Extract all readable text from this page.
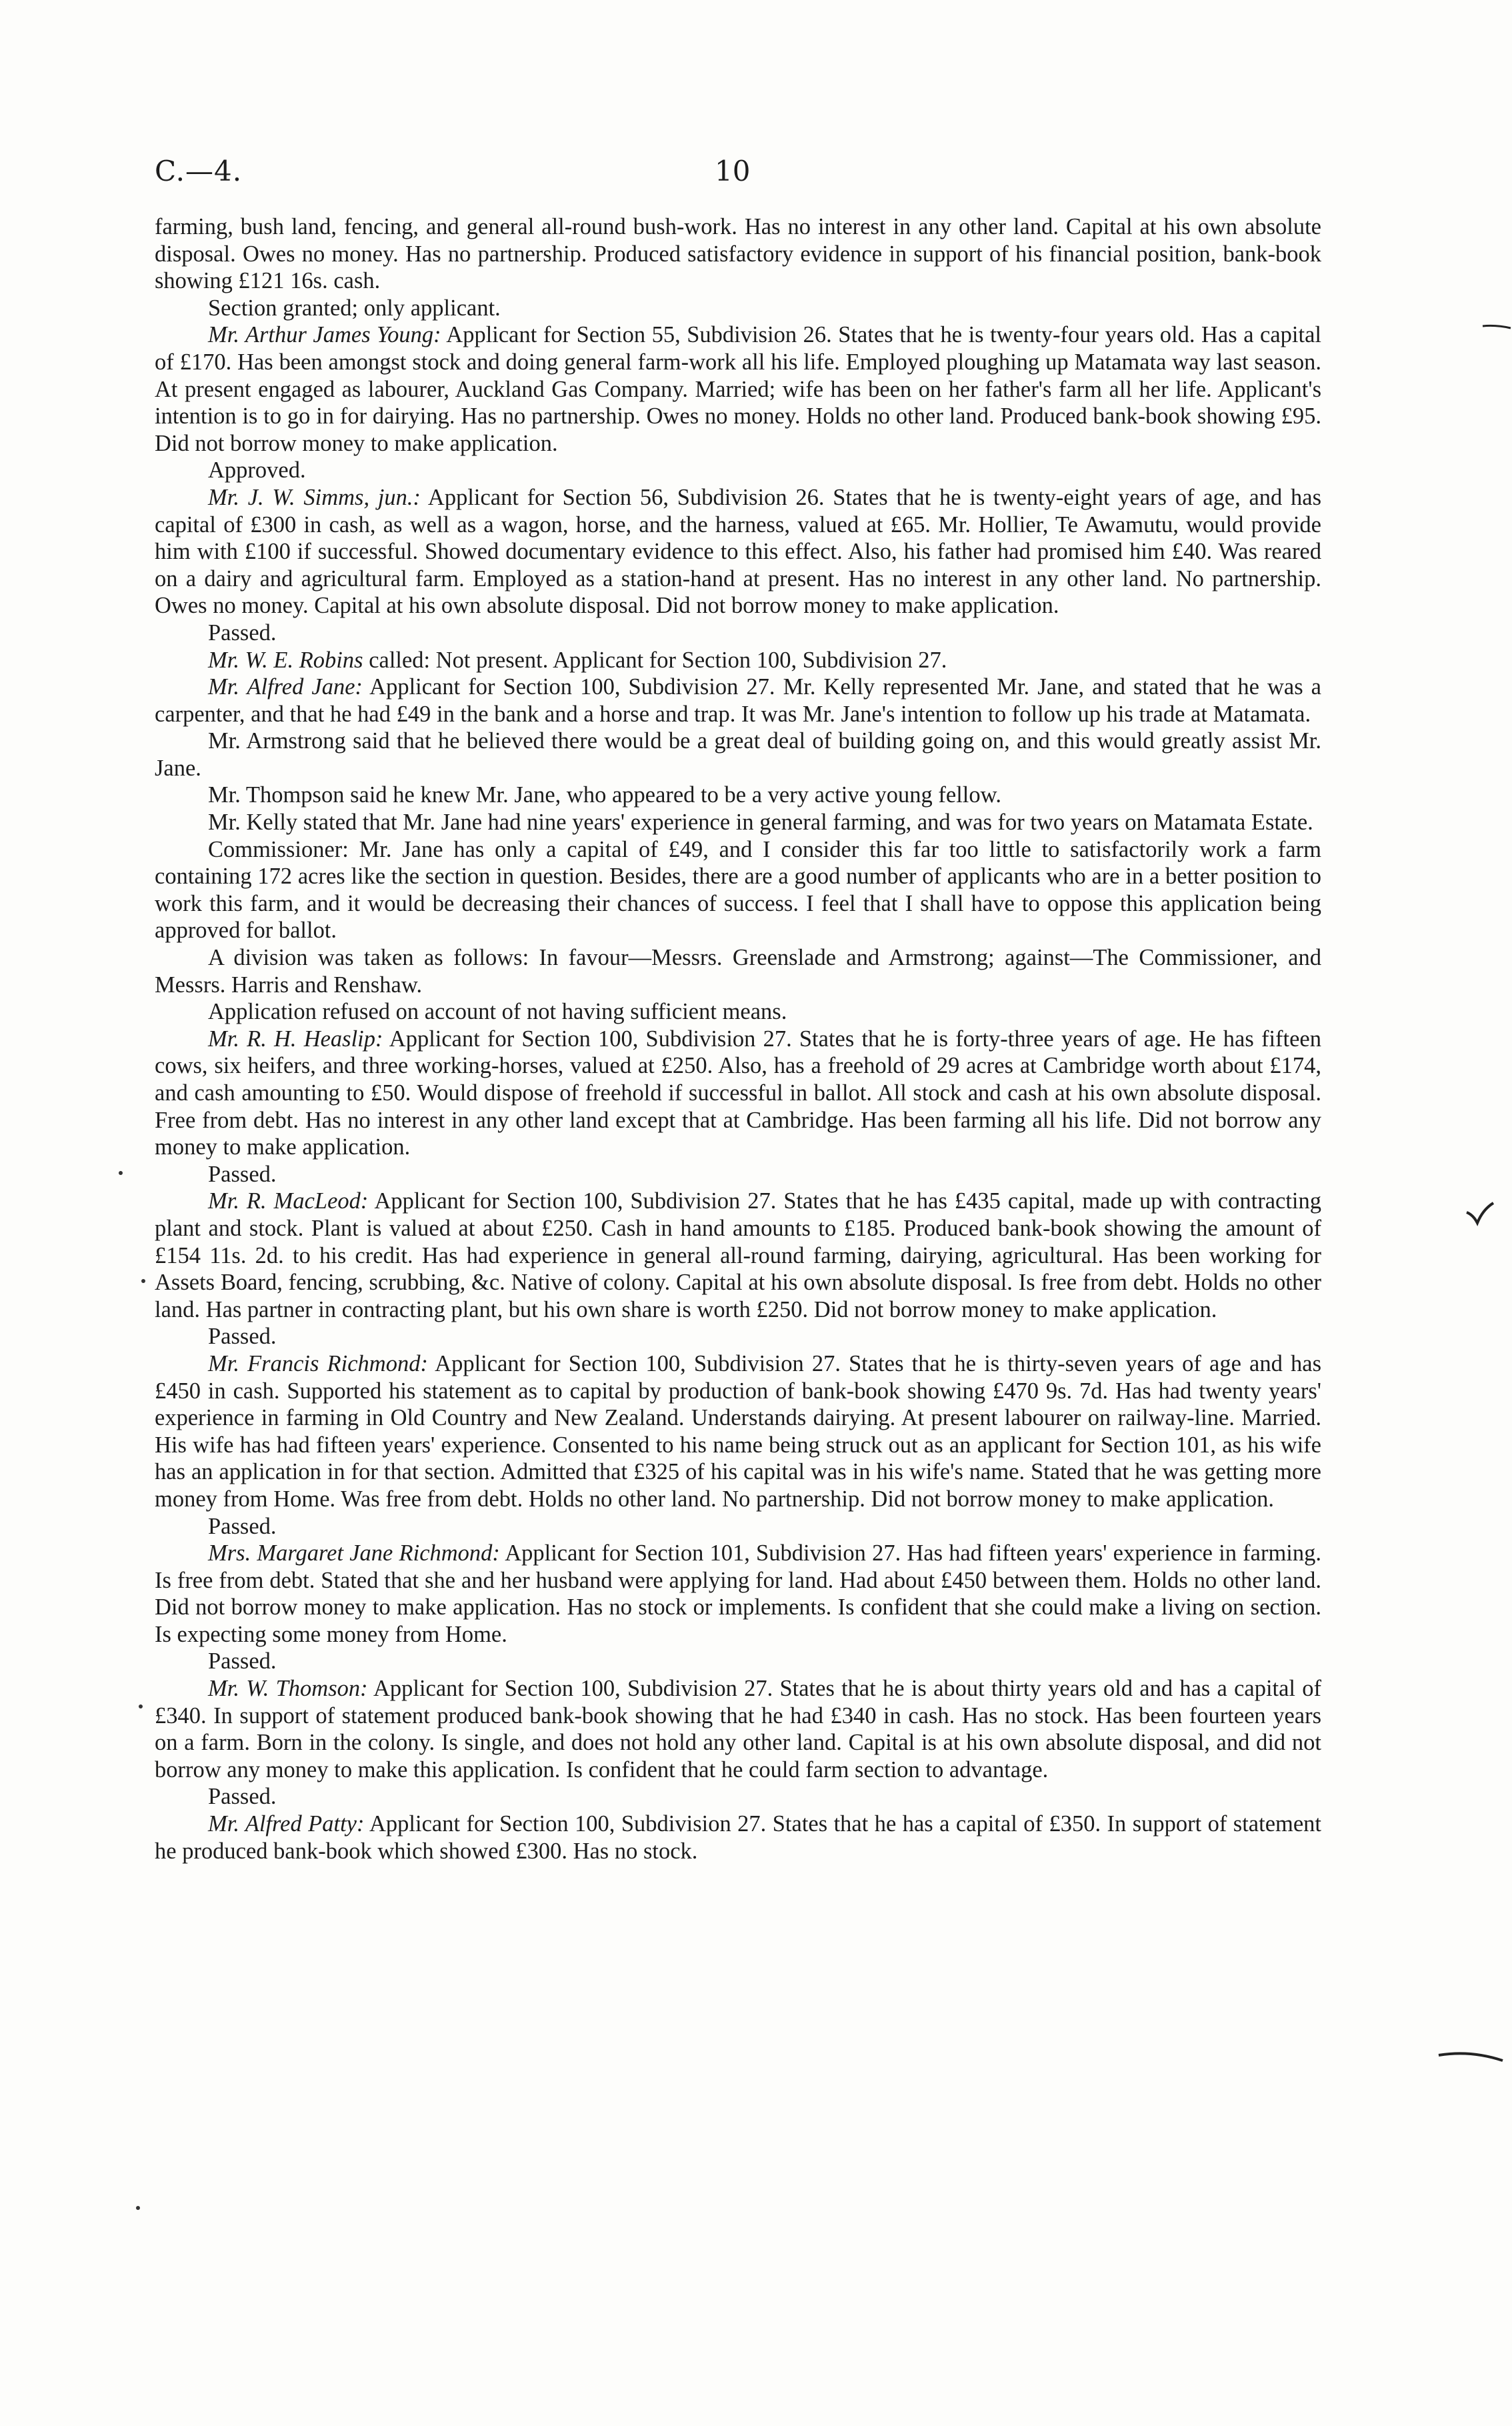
C.—4.	10

farming, bush land, fencing, and general all-round bush-work. Has no interest in any other land. Capital at his own absolute disposal. Owes no money. Has no partnership. Produced satisfactory evidence in support of his financial position, bank-book showing £121 16s. cash.

Section granted; only applicant.

Mr. Arthur James Young: Applicant for Section 55, Subdivision 26. States that he is twenty-four years old. Has a capital of £170. Has been amongst stock and doing general farm-work all his life. Employed ploughing up Matamata way last season. At present engaged as labourer, Auckland Gas Company. Married; wife has been on her father's farm all her life. Applicant's intention is to go in for dairying. Has no partnership. Owes no money. Holds no other land. Produced bank-book showing £95. Did not borrow money to make application.

Approved.

Mr. J. W. Simms, jun.: Applicant for Section 56, Subdivision 26. States that he is twenty-eight years of age, and has capital of £300 in cash, as well as a wagon, horse, and the harness, valued at £65. Mr. Hollier, Te Awamutu, would provide him with £100 if successful. Showed documentary evidence to this effect. Also, his father had promised him £40. Was reared on a dairy and agricultural farm. Employed as a station-hand at present. Has no interest in any other land. No partnership. Owes no money. Capital at his own absolute disposal. Did not borrow money to make application.

Passed.

Mr. W. E. Robins called: Not present. Applicant for Section 100, Subdivision 27.

Mr. Alfred Jane: Applicant for Section 100, Subdivision 27. Mr. Kelly represented Mr. Jane, and stated that he was a carpenter, and that he had £49 in the bank and a horse and trap. It was Mr. Jane's intention to follow up his trade at Matamata.

Mr. Armstrong said that he believed there would be a great deal of building going on, and this would greatly assist Mr. Jane.

Mr. Thompson said he knew Mr. Jane, who appeared to be a very active young fellow.

Mr. Kelly stated that Mr. Jane had nine years' experience in general farming, and was for two years on Matamata Estate.

Commissioner: Mr. Jane has only a capital of £49, and I consider this far too little to satisfactorily work a farm containing 172 acres like the section in question. Besides, there are a good number of applicants who are in a better position to work this farm, and it would be decreasing their chances of success. I feel that I shall have to oppose this application being approved for ballot.

A division was taken as follows: In favour—Messrs. Greenslade and Armstrong; against—The Commissioner, and Messrs. Harris and Renshaw.

Application refused on account of not having sufficient means.

Mr. R. H. Heaslip: Applicant for Section 100, Subdivision 27. States that he is forty-three years of age. He has fifteen cows, six heifers, and three working-horses, valued at £250. Also, has a freehold of 29 acres at Cambridge worth about £174, and cash amounting to £50. Would dispose of freehold if successful in ballot. All stock and cash at his own absolute disposal. Free from debt. Has no interest in any other land except that at Cambridge. Has been farming all his life. Did not borrow any money to make application.

Passed.

Mr. R. MacLeod: Applicant for Section 100, Subdivision 27. States that he has £435 capital, made up with contracting plant and stock. Plant is valued at about £250. Cash in hand amounts to £185. Produced bank-book showing the amount of £154 11s. 2d. to his credit. Has had experience in general all-round farming, dairying, agricultural. Has been working for Assets Board, fencing, scrubbing, &c. Native of colony. Capital at his own absolute disposal. Is free from debt. Holds no other land. Has partner in contracting plant, but his own share is worth £250. Did not borrow money to make application.

Passed.

Mr. Francis Richmond: Applicant for Section 100, Subdivision 27. States that he is thirty-seven years of age and has £450 in cash. Supported his statement as to capital by production of bank-book showing £470 9s. 7d. Has had twenty years' experience in farming in Old Country and New Zealand. Understands dairying. At present labourer on railway-line. Married. His wife has had fifteen years' experience. Consented to his name being struck out as an applicant for Section 101, as his wife has an application in for that section. Admitted that £325 of his capital was in his wife's name. Stated that he was getting more money from Home. Was free from debt. Holds no other land. No partnership. Did not borrow money to make application.

Passed.

Mrs. Margaret Jane Richmond: Applicant for Section 101, Subdivision 27. Has had fifteen years' experience in farming. Is free from debt. Stated that she and her husband were applying for land. Had about £450 between them. Holds no other land. Did not borrow money to make application. Has no stock or implements. Is confident that she could make a living on section. Is expecting some money from Home.

Passed.

Mr. W. Thomson: Applicant for Section 100, Subdivision 27. States that he is about thirty years old and has a capital of £340. In support of statement produced bank-book showing that he had £340 in cash. Has no stock. Has been fourteen years on a farm. Born in the colony. Is single, and does not hold any other land. Capital is at his own absolute disposal, and did not borrow any money to make this application. Is confident that he could farm section to advantage.

Passed.

Mr. Alfred Patty: Applicant for Section 100, Subdivision 27. States that he has a capital of £350. In support of statement he produced bank-book which showed £300. Has no stock.
